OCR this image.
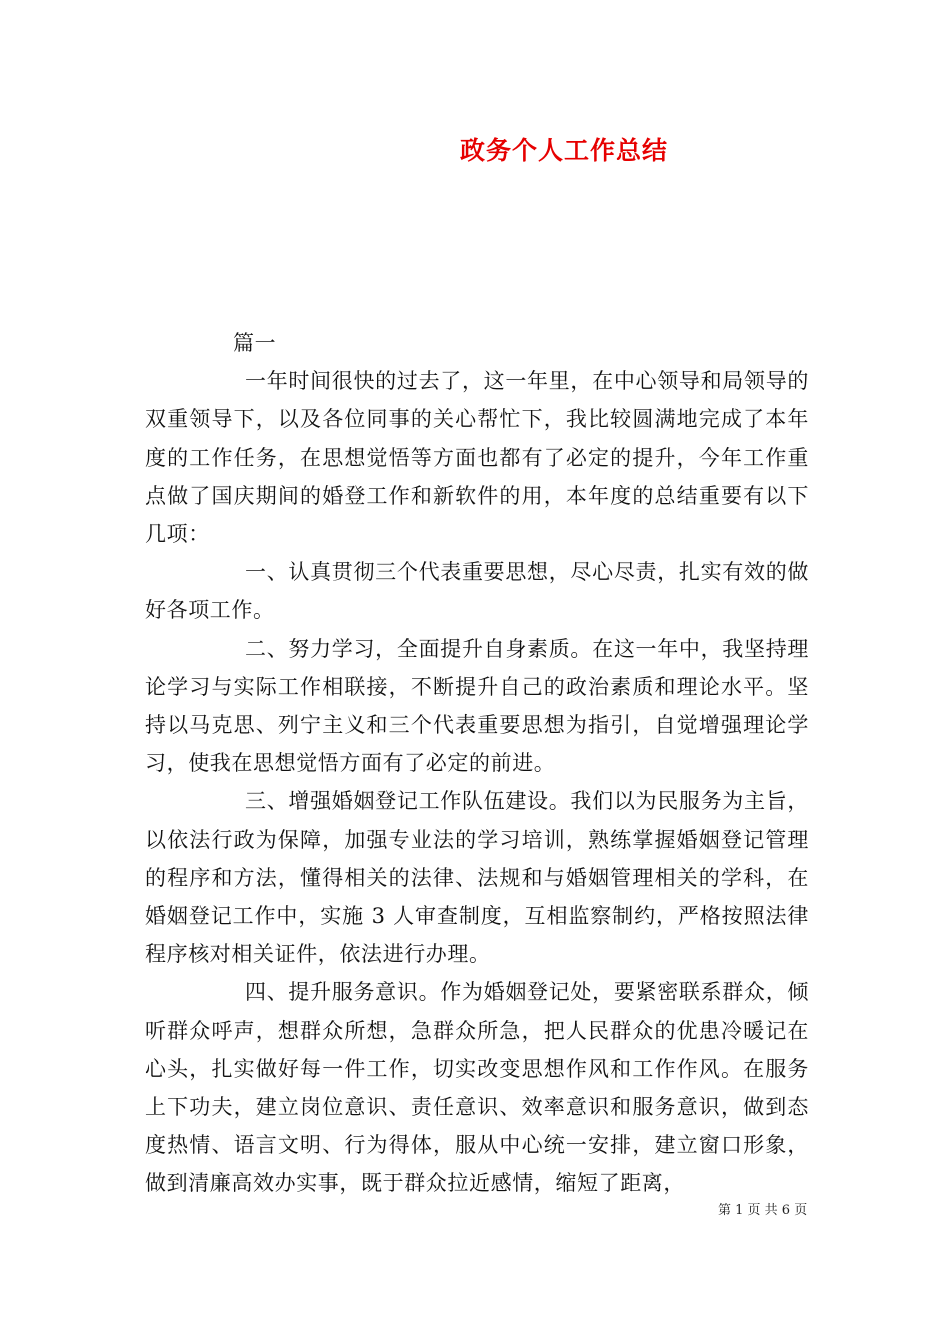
政务个人工作总结

篇一

一年时间很快的过去了，这一年里，在中心领导和局领导的双重领导下，以及各位同事的关心帮忙下，我比较圆满地完成了本年度的工作任务，在思想觉悟等方面也都有了必定的提升，今年工作重点做了国庆期间的婚登工作和新软件的用，本年度的总结重要有以下几项：

一、认真贯彻三个代表重要思想，尽心尽责，扎实有效的做好各项工作。

二、努力学习，全面提升自身素质。在这一年中，我坚持理论学习与实际工作相联接，不断提升自己的政治素质和理论水平。坚持以马克思、列宁主义和三个代表重要思想为指引，自觉增强理论学习，使我在思想觉悟方面有了必定的前进。

三、增强婚姻登记工作队伍建设。我们以为民服务为主旨，以依法行政为保障，加强专业法的学习培训，熟练掌握婚姻登记管理的程序和方法，懂得相关的法律、法规和与婚姻管理相关的学科，在婚姻登记工作中，实施 3 人审查制度，互相监察制约，严格按照法律程序核对相关证件，依法进行办理。

四、提升服务意识。作为婚姻登记处，要紧密联系群众，倾听群众呼声，想群众所想，急群众所急，把人民群众的优患冷暖记在心头，扎实做好每一件工作，切实改变思想作风和工作作风。在服务上下功夫，建立岗位意识、责任意识、效率意识和服务意识，做到态度热情、语言文明、行为得体，服从中心统一安排，建立窗口形象，做到清廉高效办实事，既于群众拉近感情，缩短了距离，

第 1 页 共 6 页
